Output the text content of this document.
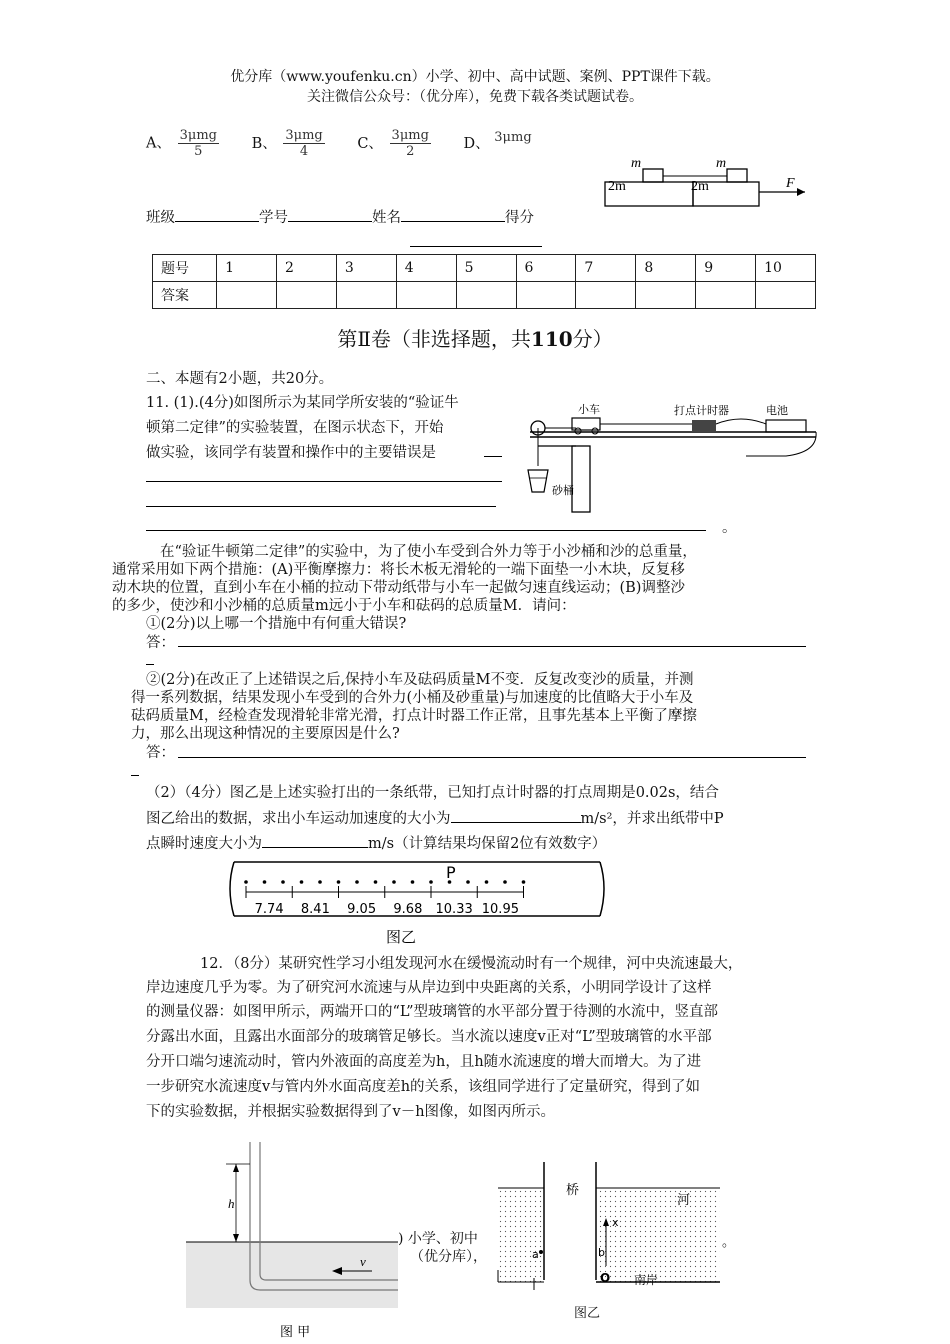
优分库（www.youfenku.cn）小学、初中、高中试题、案例、PPT课件下载。
关注微信公众号：（优分库），免费下载各类试题试卷。
A、 $\frac{\text{3μmg}}{5}$ B、 $\frac{\text{3μmg}}{4}$ C、 $\frac{\text{3μmg}}{2}$ D、 3μmg
m	m
2m	2m	F
班级	学号	姓名	得分
题号	1	2	3	4	5	6	7	8	9	10
答案										
第Ⅱ卷（非选择题，共110分）
二、本题有2小题，共20分。
11. (1).(4分)如图所示为某同学所安装的“验证牛
顿第二定律”的实验装置，在图示状态下，开始
做实验，该同学有装置和操作中的主要错误是
。
小车	打点计时器	电池
砂桶
在“验证牛顿第二定律”的实验中，为了使小车受到合外力等于小沙桶和沙的总重量，
通常采用如下两个措施：(A)平衡摩擦力：将长木板无滑轮的一端下面垫一小木块，反复移
动木块的位置，直到小车在小桶的拉动下带动纸带与小车一起做匀速直线运动；(B)调整沙
的多少，使沙和小沙桶的总质量m远小于小车和砝码的总质量M．请问：
①(2分)以上哪一个措施中有何重大错误?
答：
②(2分)在改正了上述错误之后,保持小车及砝码质量M不变．反复改变沙的质量，并测
得一系列数据，结果发现小车受到的合外力(小桶及砂重量)与加速度的比值略大于小车及
砝码质量M，经检查发现滑轮非常光滑，打点计时器工作正常，且事先基本上平衡了摩擦
力，那么出现这种情况的主要原因是什么?
答：
（2）（4分）图乙是上述实验打出的一条纸带，已知打点计时器的打点周期是0.02s，结合
图乙给出的数据，求出小车运动加速度的大小为	m/s²，并求出纸带中P
点瞬时速度大小为	m/s（计算结果均保留2位有效数字）
P
7.74 8.41 9.05 9.68 10.33 10.95
图乙
12．（8分）某研究性学习小组发现河水在缓慢流动时有一个规律，河中央流速最大，
岸边速度几乎为零。为了研究河水流速与从岸边到中央距离的关系，小明同学设计了这样
的测量仪器：如图甲所示，两端开口的“L”型玻璃管的水平部分置于待测的水流中，竖直部
分露出水面，且露出水面部分的玻璃管足够长。当水流以速度v正对“L”型玻璃管的水平部
分开口端匀速流动时，管内外液面的高度差为h，且h随水流速度的增大而增大。为了进
一步研究水流速度v与管内外水面高度差h的关系，该组同学进行了定量研究，得到了如
下的实验数据，并根据实验数据得到了v－h图像，如图丙所示。
h
v
图 甲
) 小学、初中
（优分库），
桥
河
x
a	b
O 南岸
。
图乙
